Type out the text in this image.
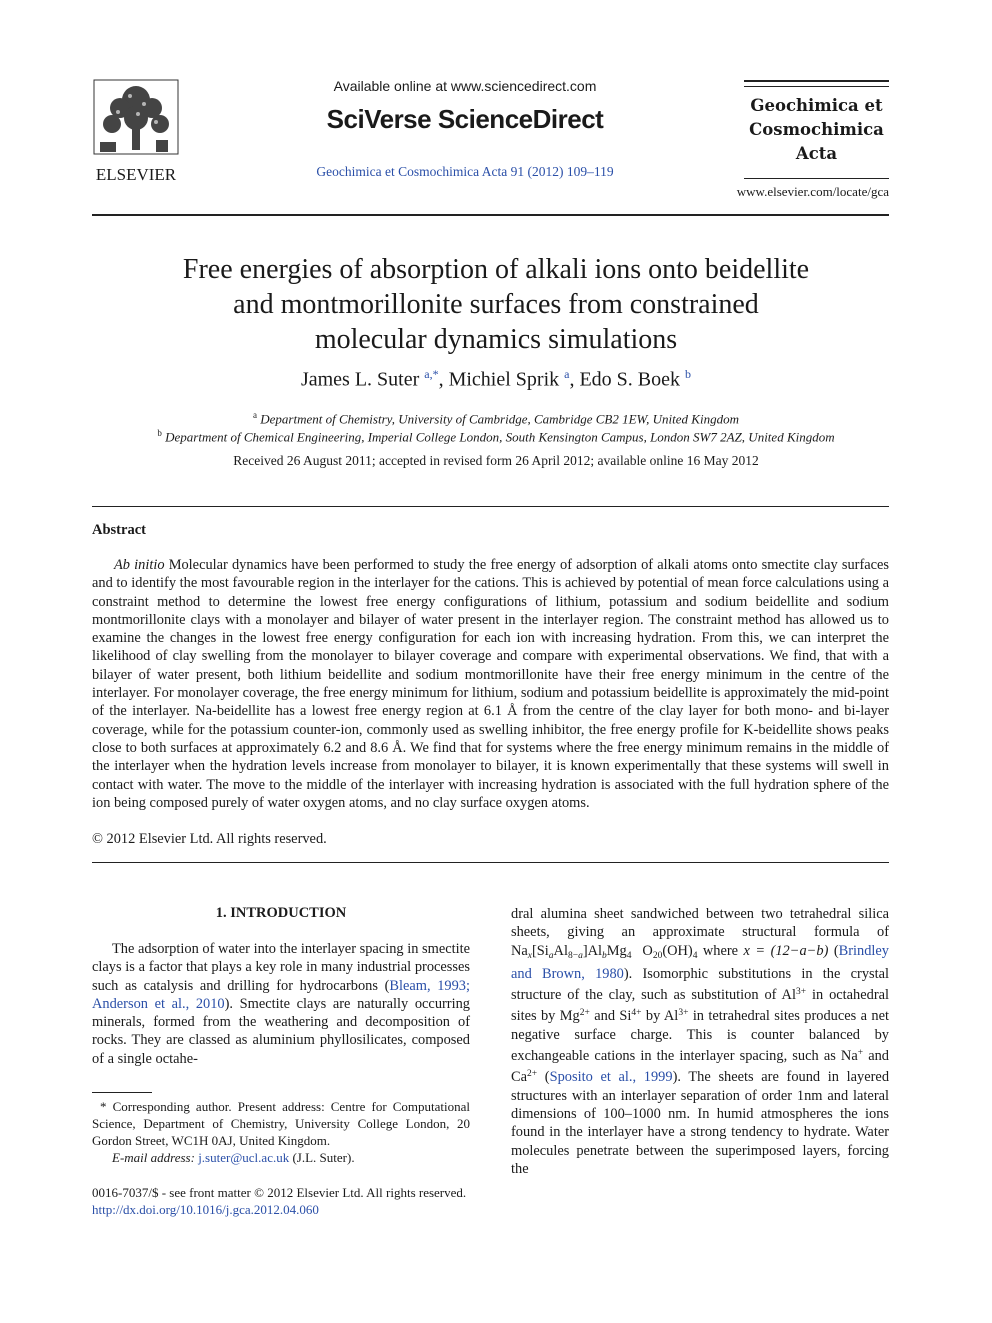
ELSEVIER
Available online at www.sciencedirect.com
SciVerse ScienceDirect
Geochimica et Cosmochimica Acta 91 (2012) 109–119
Geochimica et
Cosmochimica
Acta
www.elsevier.com/locate/gca
Free energies of absorption of alkali ions onto beidellite
and montmorillonite surfaces from constrained
molecular dynamics simulations
James L. Suter $^{a,*}$, Michiel Sprik $^a$, Edo S. Boek $^b$
$^a$ Department of Chemistry, University of Cambridge, Cambridge CB2 1EW, United Kingdom
$^b$ Department of Chemical Engineering, Imperial College London, South Kensington Campus, London SW7 2AZ, United Kingdom
Received 26 August 2011; accepted in revised form 26 April 2012; available online 16 May 2012
Abstract

Ab initio Molecular dynamics have been performed to study the free energy of adsorption of alkali atoms onto smectite clay surfaces and to identify the most favourable region in the interlayer for the cations. This is achieved by potential of mean force calculations using a constraint method to determine the lowest free energy configurations of lithium, potassium and sodium beidellite and sodium montmorillonite clays with a monolayer and bilayer of water present in the interlayer region. The constraint method has allowed us to examine the changes in the lowest free energy configuration for each ion with increasing hydration. From this, we can interpret the likelihood of clay swelling from the monolayer to bilayer coverage and compare with experimental observations. We find, that with a bilayer of water present, both lithium beidellite and sodium montmorillonite have their free energy minimum in the centre of the interlayer. For monolayer coverage, the free energy minimum for lithium, sodium and potassium beidellite is approximately the mid-point of the interlayer. Na-beidellite has a lowest free energy region at 6.1 Å from the centre of the clay layer for both mono- and bi-layer coverage, while for the potassium counter-ion, commonly used as swelling inhibitor, the free energy profile for K-beidellite shows peaks close to both surfaces at approximately 6.2 and 8.6 Å. We find that for systems where the free energy minimum remains in the middle of the interlayer when the hydration levels increase from monolayer to bilayer, it is known experimentally that these systems will swell in contact with water. The move to the middle of the interlayer with increasing hydration is associated with the full hydration sphere of the ion being composed purely of water oxygen atoms, and no clay surface oxygen atoms.

© 2012 Elsevier Ltd. All rights reserved.
1. INTRODUCTION

The adsorption of water into the interlayer spacing in smectite clays is a factor that plays a key role in many industrial processes such as catalysis and drilling for hydrocarbons (Bleam, 1993; Anderson et al., 2010). Smectite clays are naturally occurring minerals, formed from the weathering and decomposition of rocks. They are classed as aluminium phyllosilicates, composed of a single octahe-

* Corresponding author. Present address: Centre for Computational Science, Department of Chemistry, University College London, 20 Gordon Street, WC1H 0AJ, United Kingdom.

E-mail address: j.suter@ucl.ac.uk (J.L. Suter).

0016-7037/$ - see front matter © 2012 Elsevier Ltd. All rights reserved.
http://dx.doi.org/10.1016/j.gca.2012.04.060

dral alumina sheet sandwiched between two tetrahedral silica sheets, giving an approximate structural formula of $Na_x[Si_aAl_{8-a}]Al_bMg_4$  $O_{20}(OH)_4$ where x = (12−a−b) (Brindley and Brown, 1980). Isomorphic substitutions in the crystal structure of the clay, such as substitution of $Al^{3+}$ in octahedral sites by $Mg^{2+}$ and $Si^{4+}$ by $Al^{3+}$ in tetrahedral sites produces a net negative surface charge. This is counter balanced by exchangeable cations in the interlayer spacing, such as Na+ and $Ca^{2+}$ (Sposito et al., 1999). The sheets are found in layered structures with an interlayer separation of order 1nm and lateral dimensions of 100–1000 nm. In humid atmospheres the ions found in the interlayer have a strong tendency to hydrate. Water molecules penetrate between the superimposed layers, forcing the
